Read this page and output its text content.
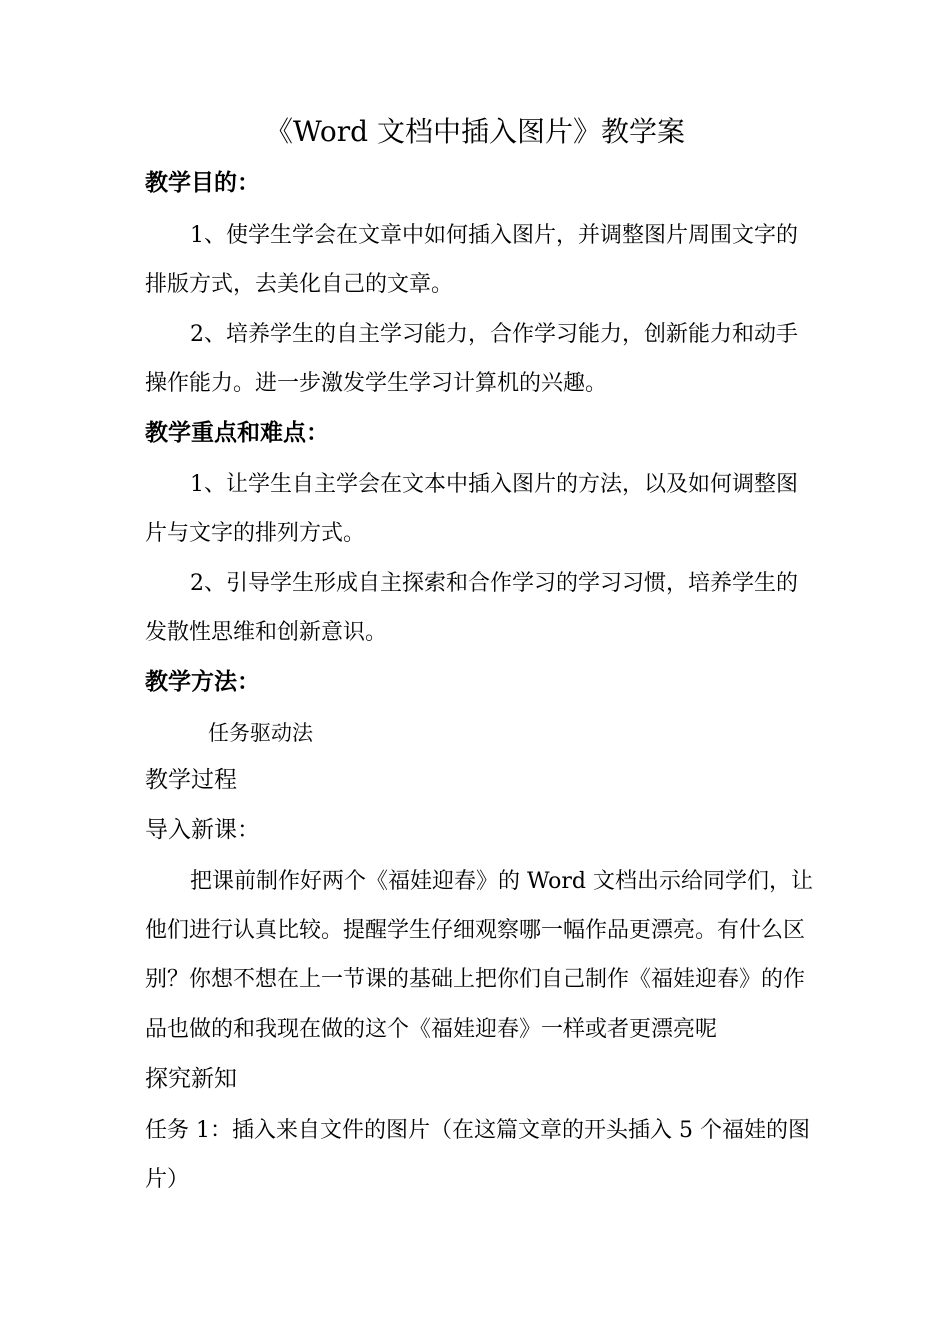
《Word 文档中插入图片》教学案
教学目的：
1、使学生学会在文章中如何插入图片，并调整图片周围文字的
排版方式，去美化自己的文章。
2、培养学生的自主学习能力，合作学习能力，创新能力和动手
操作能力。进一步激发学生学习计算机的兴趣。
教学重点和难点：
1、让学生自主学会在文本中插入图片的方法，以及如何调整图
片与文字的排列方式。
2、引导学生形成自主探索和合作学习的学习习惯，培养学生的
发散性思维和创新意识。
教学方法：
任务驱动法
教学过程
导入新课：
把课前制作好两个《福娃迎春》的 Word 文档出示给同学们，让
他们进行认真比较。提醒学生仔细观察哪一幅作品更漂亮。有什么区
别？你想不想在上一节课的基础上把你们自己制作《福娃迎春》的作
品也做的和我现在做的这个《福娃迎春》一样或者更漂亮呢
探究新知
任务 1：插入来自文件的图片（在这篇文章的开头插入 5 个福娃的图
片）
